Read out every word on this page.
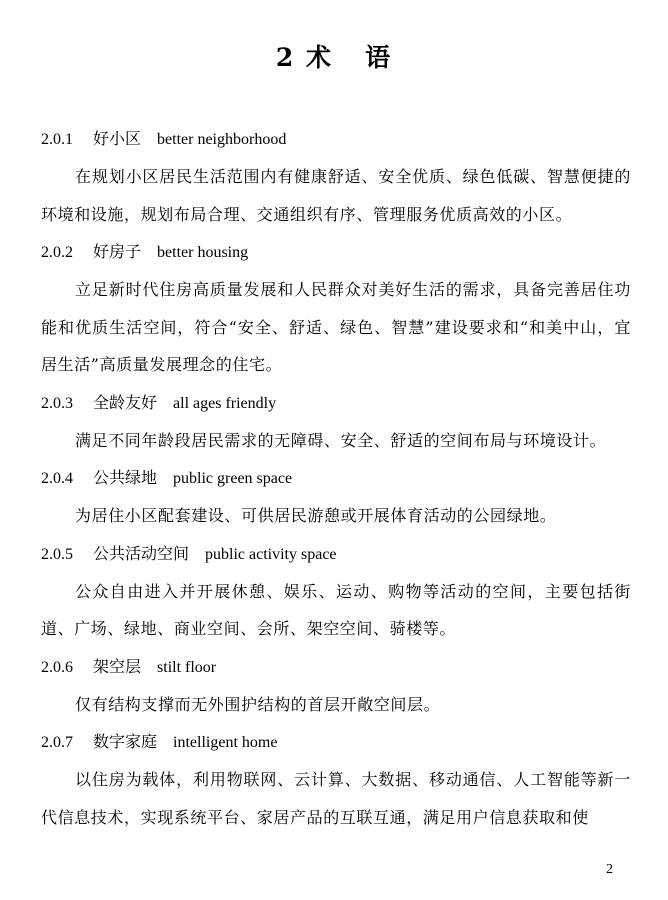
2 术   语
2.0.1 好小区 better neighborhood
在规划小区居民生活范围内有健康舒适、安全优质、绿色低碳、智慧便捷的环境和设施，规划布局合理、交通组织有序、管理服务优质高效的小区。
2.0.2 好房子 better housing
立足新时代住房高质量发展和人民群众对美好生活的需求，具备完善居住功能和优质生活空间，符合“安全、舒适、绿色、智慧”建设要求和“和美中山，宜居生活”高质量发展理念的住宅。
2.0.3 全龄友好 all ages friendly
满足不同年龄段居民需求的无障碍、安全、舒适的空间布局与环境设计。
2.0.4 公共绿地 public green space
为居住小区配套建设、可供居民游憩或开展体育活动的公园绿地。
2.0.5 公共活动空间 public activity space
公众自由进入并开展休憩、娱乐、运动、购物等活动的空间，主要包括街道、广场、绿地、商业空间、会所、架空空间、骑楼等。
2.0.6 架空层 stilt floor
仅有结构支撑而无外围护结构的首层开敞空间层。
2.0.7 数字家庭 intelligent home
以住房为载体，利用物联网、云计算、大数据、移动通信、人工智能等新一代信息技术，实现系统平台、家居产品的互联互通，满足用户信息获取和使
2
